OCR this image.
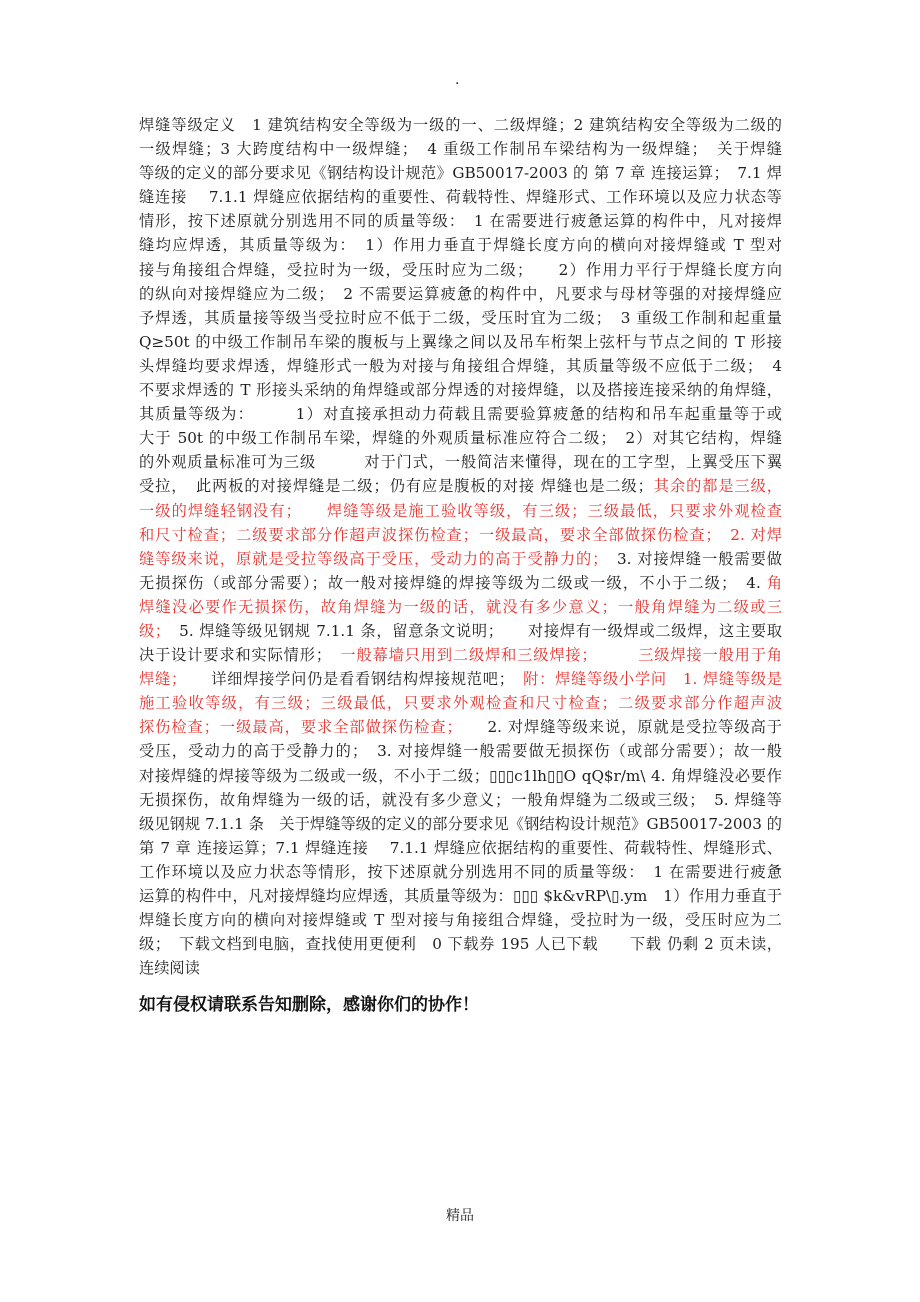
.
焊缝等级定义　1 建筑结构安全等级为一级的一、二级焊缝；2 建筑结构安全等级为二级的
一级焊缝；3 大跨度结构中一级焊缝；　4 重级工作制吊车梁结构为一级焊缝；　关于焊缝
等级的定义的部分要求见《钢结构设计规范》GB50017-2003 的 第 7 章 连接运算；　7.1 焊
缝连接　 7.1.1 焊缝应依据结构的重要性、荷载特性、焊缝形式、工作环境以及应力状态等
情形，按下述原就分别选用不同的质量等级：　1 在需要进行疲惫运算的构件中，凡对接焊
缝均应焊透，其质量等级为：　1）作用力垂直于焊缝长度方向的横向对接焊缝或 T 型对
接与角接组合焊缝，受拉时为一级，受压时应为二级；　　2）作用力平行于焊缝长度方向
的纵向对接焊缝应为二级；　2 不需要运算疲惫的构件中，凡要求与母材等强的对接焊缝应
予焊透，其质量接等级当受拉时应不低于二级，受压时宜为二级；　3 重级工作制和起重量
Q≥50t 的中级工作制吊车梁的腹板与上翼缘之间以及吊车桁架上弦杆与节点之间的 T 形接
头焊缝均要求焊透，焊缝形式一般为对接与角接组合焊缝，其质量等级不应低于二级；　4
不要求焊透的 T 形接头采纳的角焊缝或部分焊透的对接焊缝，以及搭接连接采纳的角焊缝，
其质量等级为：　　　1）对直接承担动力荷载且需要验算疲惫的结构和吊车起重量等于或
大于 50t 的中级工作制吊车梁，焊缝的外观质量标准应符合二级；　2）对其它结构，焊缝
的外观质量标准可为三级　　　对于门式，一般简洁来懂得，现在的工字型，上翼受压下翼
受拉，　此两板的对接焊缝是二级；仍有应是腹板的对接 焊缝也是二级；其余的都是三级，
一级的焊缝轻钢没有；　　焊缝等级是施工验收等级，有三级；三级最低，只要求外观检查
和尺寸检查；二级要求部分作超声波探伤检查；一级最高，要求全部做探伤检查；　2. 对焊
缝等级来说，原就是受拉等级高于受压，受动力的高于受静力的；　3. 对接焊缝一般需要做
无损探伤（或部分需要）；故一般对接焊缝的焊接等级为二级或一级，不小于二级；　4. 角
焊缝没必要作无损探伤，故角焊缝为一级的话，就没有多少意义；一般角焊缝为二级或三
级；　5. 焊缝等级见钢规 7.1.1 条，留意条文说明；　　对接焊有一级焊或二级焊，这主要取
决于设计要求和实际情形；　一般幕墙只用到二级焊和三级焊接；　　　三级焊接一般用于角
焊缝；　　详细焊接学问仍是看看钢结构焊接规范吧；　附：焊缝等级小学问　1. 焊缝等级是
施工验收等级，有三级；三级最低，只要求外观检查和尺寸检查；二级要求部分作超声波
探伤检查；一级最高，要求全部做探伤检查；　　2. 对焊缝等级来说，原就是受拉等级高于
受压，受动力的高于受静力的；　3. 对接焊缝一般需要做无损探伤（或部分需要）；故一般
对接焊缝的焊接等级为二级或一级，不小于二级；▯▯▯c1lh▯▯O qQ$r/m\ 4. 角焊缝没必要作
无损探伤，故角焊缝为一级的话，就没有多少意义；一般角焊缝为二级或三级；　5. 焊缝等
级见钢规 7.1.1 条　关于焊缝等级的定义的部分要求见《钢结构设计规范》GB50017-2003 的
第 7 章 连接运算；7.1 焊缝连接　 7.1.1 焊缝应依据结构的重要性、荷载特性、焊缝形式、
工作环境以及应力状态等情形，按下述原就分别选用不同的质量等级：　1 在需要进行疲惫
运算的构件中，凡对接焊缝均应焊透，其质量等级为：▯▯▯ $k&vRP\▯.ym　1）作用力垂直于
焊缝长度方向的横向对接焊缝或 T 型对接与角接组合焊缝，受拉时为一级，受压时应为二
级；　下载文档到电脑，查找使用更便利　0 下载券 195 人已下载　　下载 仍剩 2 页未读，
连续阅读
如有侵权请联系告知删除，感谢你们的协作！
精品
